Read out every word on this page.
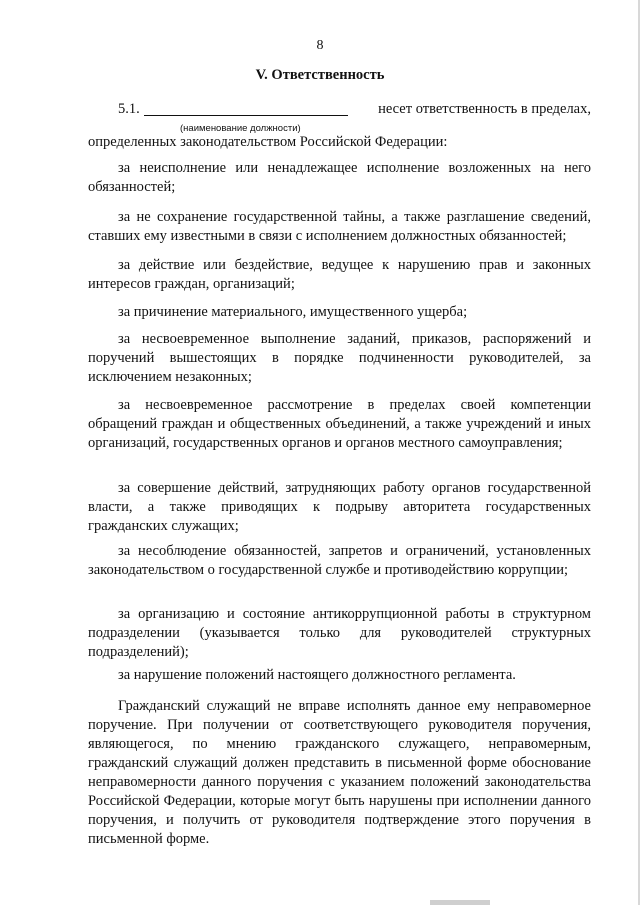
8
V. Ответственность
5.1.	несет ответственность в пределах,
(наименование должности)
определенных законодательством Российской Федерации:
за неисполнение или ненадлежащее исполнение возложенных на него обязанностей;
за не сохранение государственной тайны, а также разглашение сведений, ставших ему известными в связи с исполнением должностных обязанностей;
за действие или бездействие, ведущее к нарушению прав и законных интересов граждан, организаций;
за причинение материального, имущественного ущерба;
за несвоевременное выполнение заданий, приказов, распоряжений и поручений вышестоящих в порядке подчиненности руководителей, за исключением незаконных;
за несвоевременное рассмотрение в пределах своей компетенции обращений граждан и общественных объединений, а также учреждений и иных организаций, государственных органов и органов местного самоуправления;
за совершение действий, затрудняющих работу органов государственной власти, а также приводящих к подрыву авторитета государственных гражданских служащих;
за несоблюдение обязанностей, запретов и ограничений, установленных законодательством о государственной службе и противодействию коррупции;
за организацию и состояние антикоррупционной работы в структурном подразделении (указывается только для руководителей структурных подразделений);
за нарушение положений настоящего должностного регламента.
Гражданский служащий не вправе исполнять данное ему неправомерное поручение. При получении от соответствующего руководителя поручения, являющегося, по мнению гражданского служащего, неправомерным, гражданский служащий должен представить в письменной форме обоснование неправомерности данного поручения с указанием положений законодательства Российской Федерации, которые могут быть нарушены при исполнении данного поручения, и получить от руководителя подтверждение этого поручения в письменной форме.
